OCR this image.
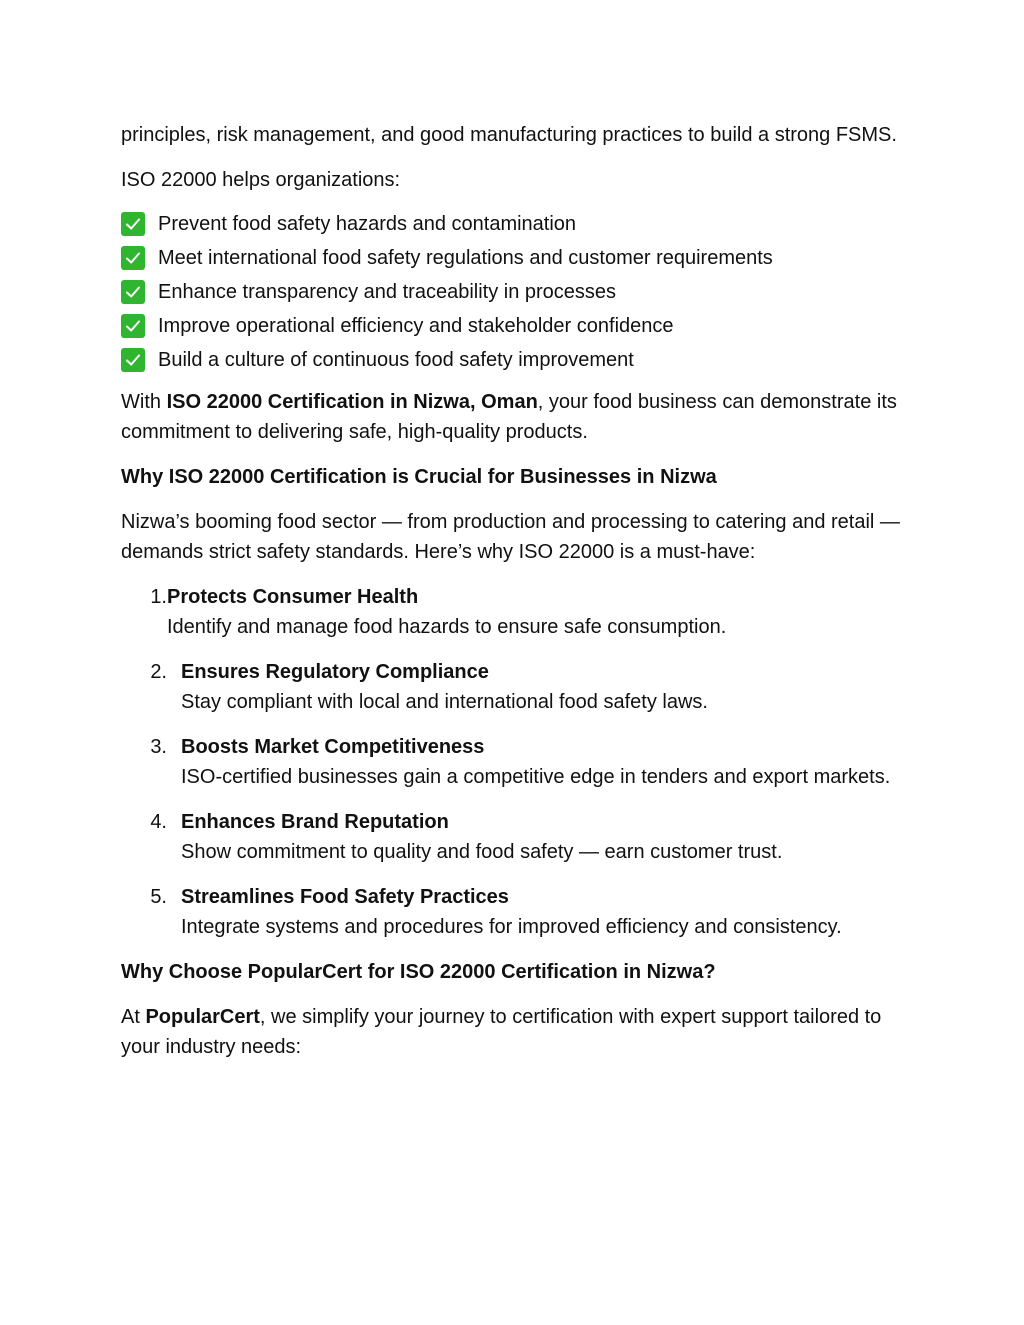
principles, risk management, and good manufacturing practices to build a strong FSMS.

ISO 22000 helps organizations:

Prevent food safety hazards and contamination
Meet international food safety regulations and customer requirements
Enhance transparency and traceability in processes
Improve operational efficiency and stakeholder confidence
Build a culture of continuous food safety improvement

With ISO 22000 Certification in Nizwa, Oman, your food business can demonstrate its commitment to delivering safe, high-quality products.

Why ISO 22000 Certification is Crucial for Businesses in Nizwa

Nizwa’s booming food sector — from production and processing to catering and retail — demands strict safety standards. Here’s why ISO 22000 is a must-have:

1. Protects Consumer Health
Identify and manage food hazards to ensure safe consumption.
2. Ensures Regulatory Compliance
Stay compliant with local and international food safety laws.
3. Boosts Market Competitiveness
ISO-certified businesses gain a competitive edge in tenders and export markets.
4. Enhances Brand Reputation
Show commitment to quality and food safety — earn customer trust.
5. Streamlines Food Safety Practices
Integrate systems and procedures for improved efficiency and consistency.

Why Choose PopularCert for ISO 22000 Certification in Nizwa?

At PopularCert, we simplify your journey to certification with expert support tailored to your industry needs:
